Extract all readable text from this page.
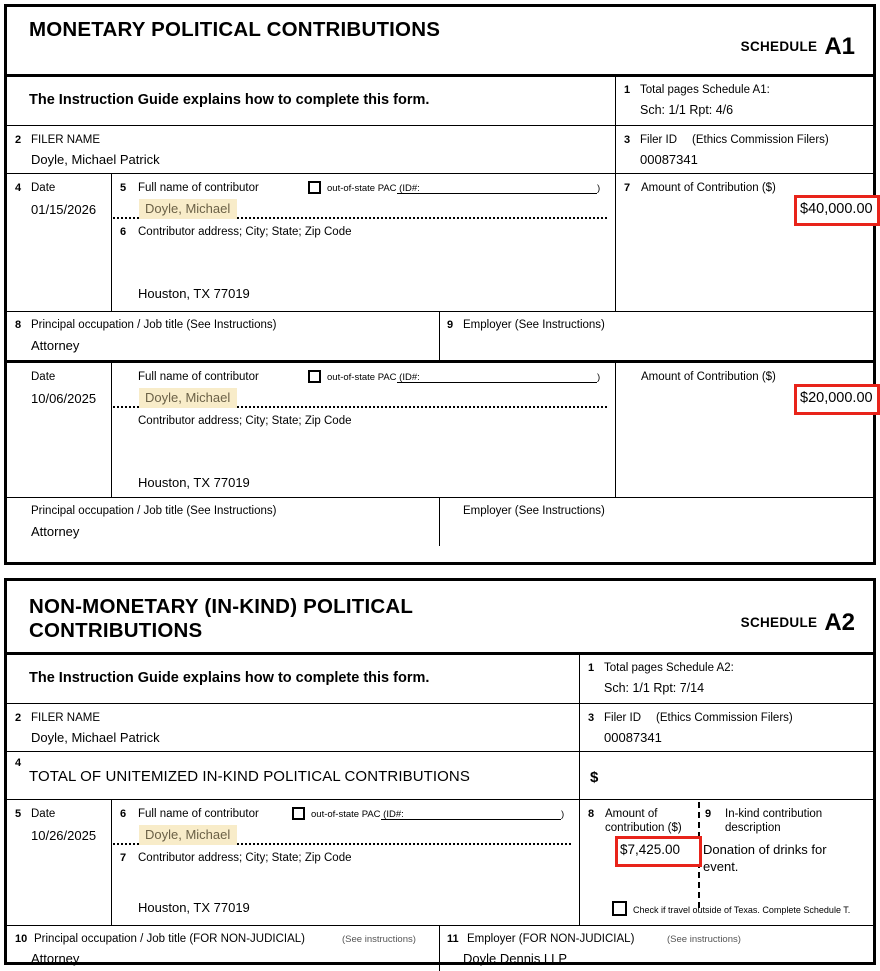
MONETARY POLITICAL CONTRIBUTIONS
SCHEDULE A1
The Instruction Guide explains how to complete this form.
1 Total pages Schedule A1:
Sch: 1/1 Rpt: 4/6
2 FILER NAME
Doyle, Michael Patrick
3 Filer ID (Ethics Commission Filers)
00087341
4 Date
01/15/2026
5 Full name of contributor	out-of-state PAC (ID#:	)
Doyle, Michael
6 Contributor address; City; State; Zip Code
Houston, TX 77019
7 Amount of Contribution ($)
$40,000.00
8 Principal occupation / Job title (See Instructions)
Attorney
9 Employer (See Instructions)
Date
10/06/2025
Full name of contributor	out-of-state PAC (ID#:	)
Doyle, Michael
Contributor address; City; State; Zip Code
Houston, TX 77019
Amount of Contribution ($)
$20,000.00
Principal occupation / Job title (See Instructions)
Attorney
Employer (See Instructions)
NON-MONETARY (IN-KIND) POLITICAL CONTRIBUTIONS	SCHEDULE A2
The Instruction Guide explains how to complete this form.
1 Total pages Schedule A2:
Sch: 1/1 Rpt: 7/14
2 FILER NAME
Doyle, Michael Patrick
3 Filer ID (Ethics Commission Filers)
00087341
4
TOTAL OF UNITEMIZED IN-KIND POLITICAL CONTRIBUTIONS	$
5 Date
10/26/2025
6 Full name of contributor	out-of-state PAC (ID#:	)
Doyle, Michael
7 Contributor address; City; State; Zip Code
Houston, TX 77019
8 Amount of
contribution ($)
$7,425.00
9 In-kind contribution
description
Donation of drinks for
event.
Check if travel outside of Texas. Complete Schedule T.
10 Principal occupation / Job title (FOR NON-JUDICIAL)	(See instructions)
Attorney
11 Employer (FOR NON-JUDICIAL)	(See instructions)
Doyle Dennis LLP
